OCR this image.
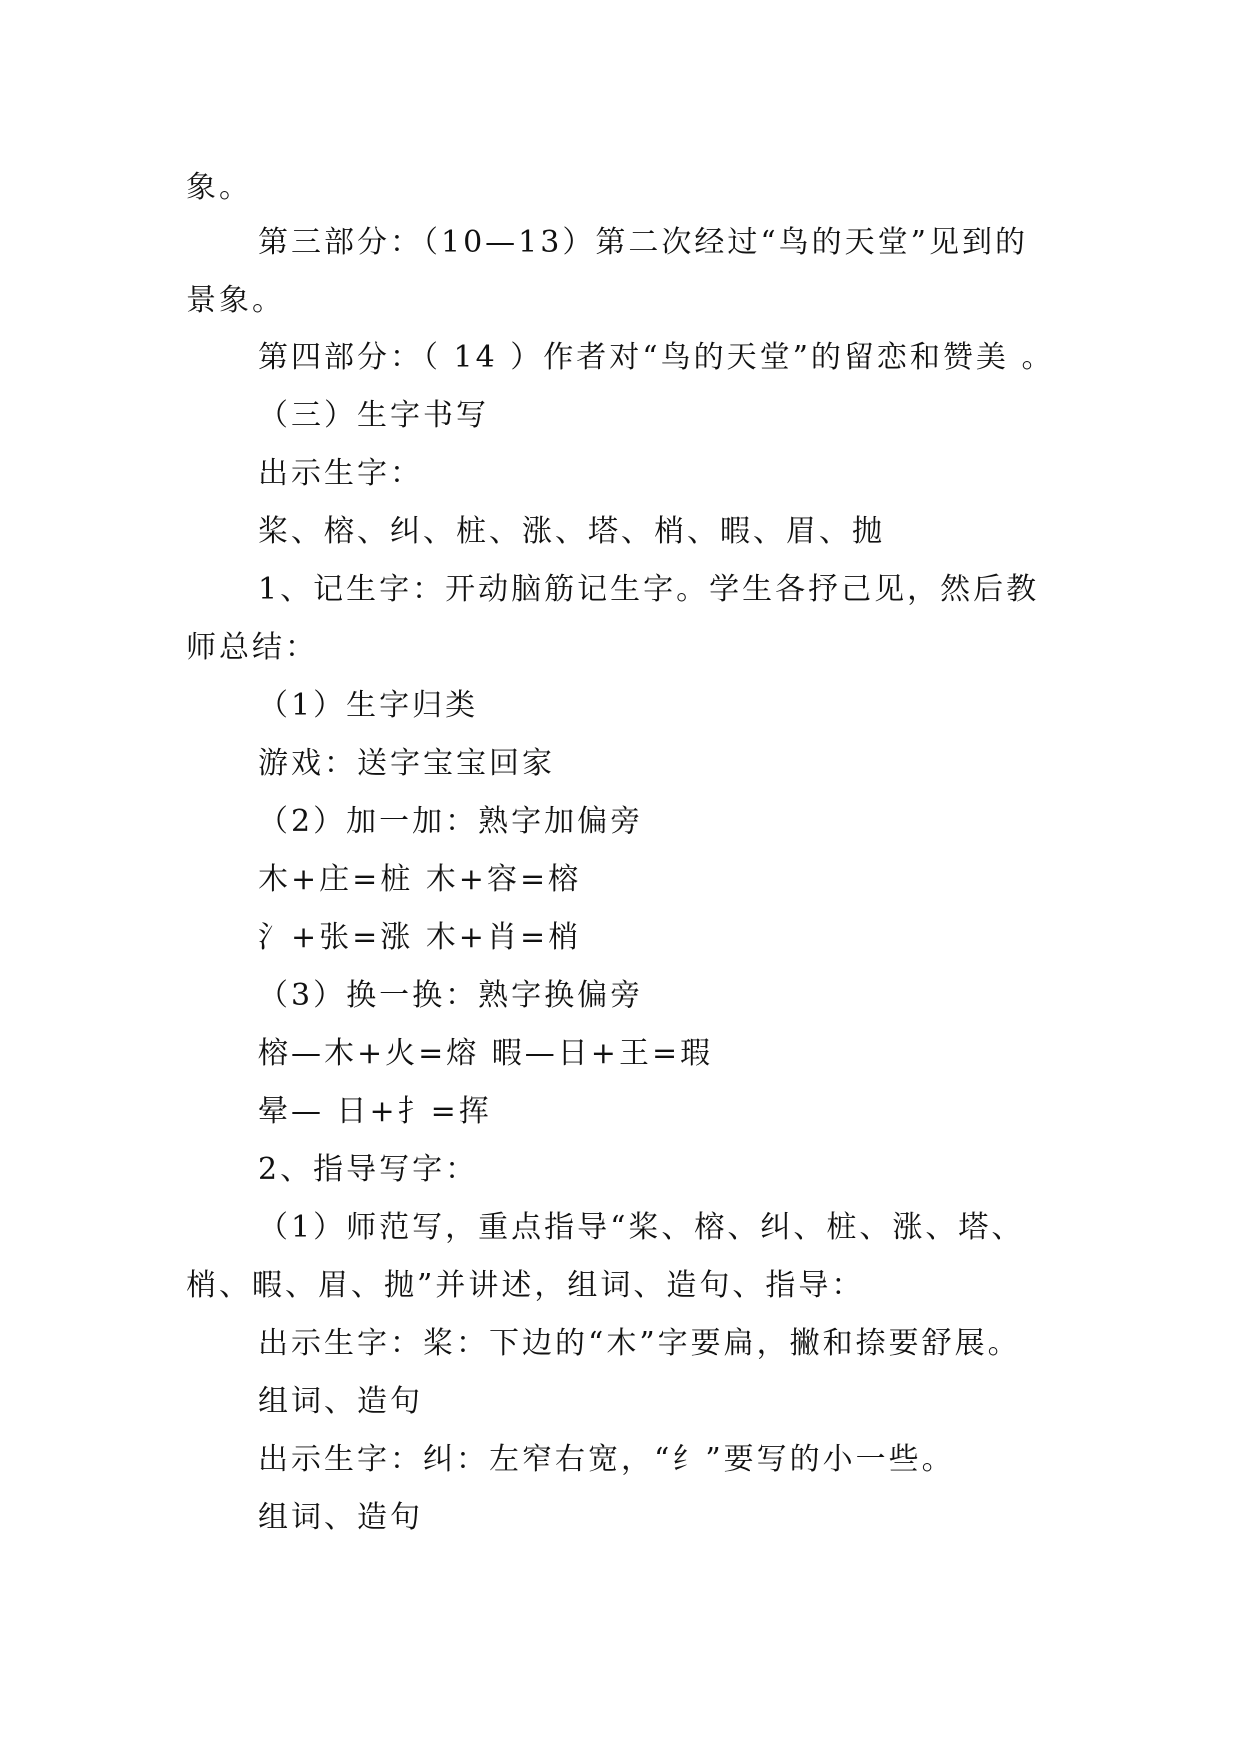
象。
第三部分：（10—13）第二次经过“鸟的天堂”见到的
景象。
第四部分：（ 14 ）作者对“鸟的天堂”的留恋和赞美 。
（三）生字书写
出示生字：
桨、榕、纠、桩、涨、塔、梢、暇、眉、抛
1、记生字：开动脑筋记生字。学生各抒己见，然后教
师总结：
（1）生字归类
游戏：送字宝宝回家
（2）加一加：熟字加偏旁
木+庄=桩 木+容=榕
氵+张=涨 木+肖=梢
（3）换一换：熟字换偏旁
榕—木+火=熔 暇—日+王=瑕
晕— 日+扌=挥
2、指导写字：
（1）师范写，重点指导“桨、榕、纠、桩、涨、塔、
梢、暇、眉、抛”并讲述，组词、造句、指导：
出示生字：桨：下边的“木”字要扁，撇和捺要舒展。
组词、造句
出示生字：纠：左窄右宽，“纟”要写的小一些。
组词、造句
